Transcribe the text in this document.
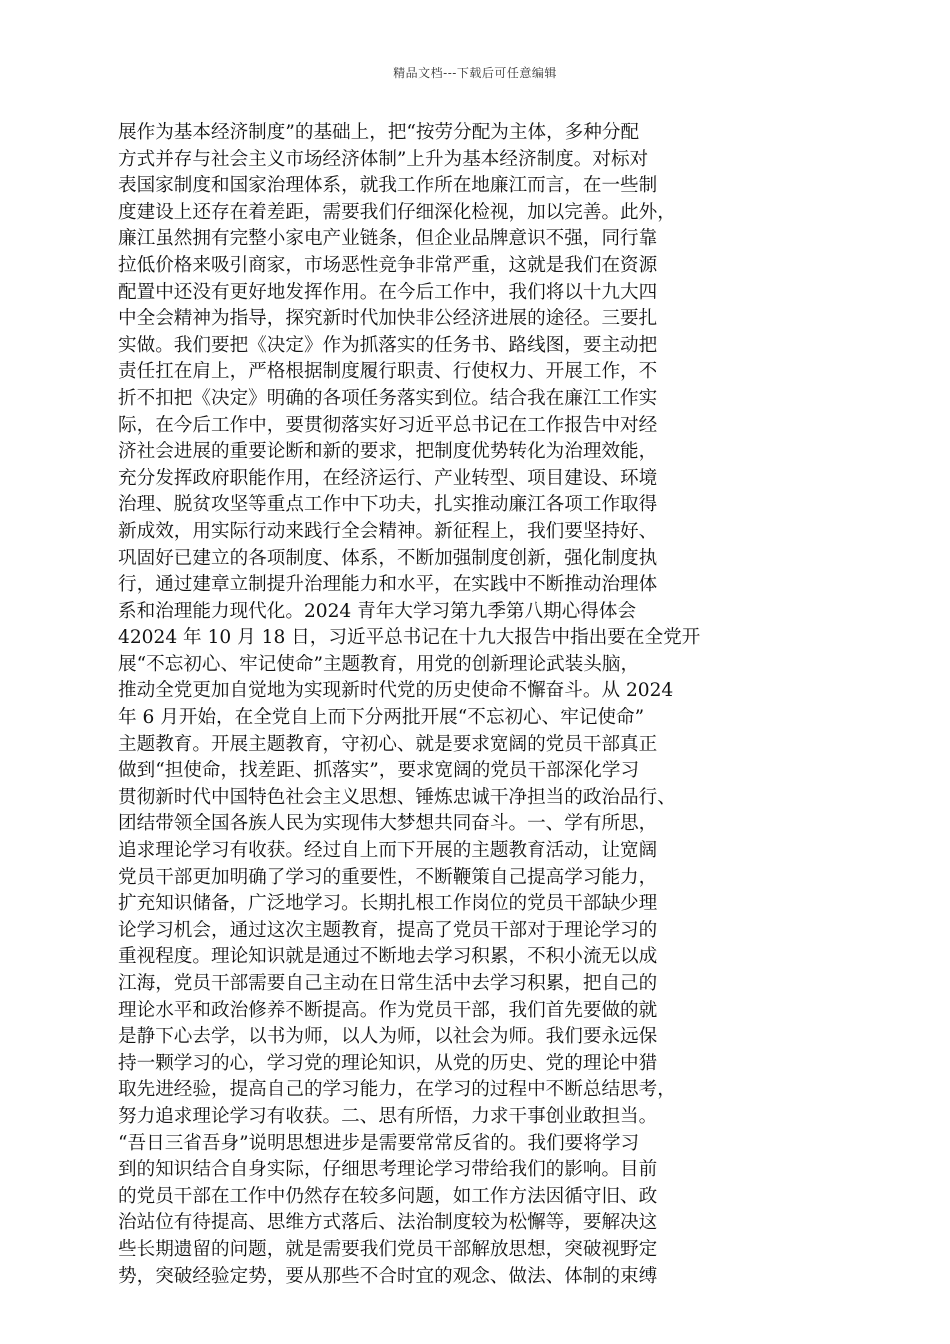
精品文档---下载后可任意编辑
展作为基本经济制度”的基础上，把“按劳分配为主体，多种分配
方式并存与社会主义市场经济体制”上升为基本经济制度。对标对
表国家制度和国家治理体系，就我工作所在地廉江而言，在一些制
度建设上还存在着差距，需要我们仔细深化检视，加以完善。此外，
廉江虽然拥有完整小家电产业链条，但企业品牌意识不强，同行靠
拉低价格来吸引商家，市场恶性竞争非常严重，这就是我们在资源
配置中还没有更好地发挥作用。在今后工作中，我们将以十九大四
中全会精神为指导，探究新时代加快非公经济进展的途径。三要扎
实做。我们要把《决定》作为抓落实的任务书、路线图，要主动把
责任扛在肩上，严格根据制度履行职责、行使权力、开展工作，不
折不扣把《决定》明确的各项任务落实到位。结合我在廉江工作实
际，在今后工作中，要贯彻落实好习近平总书记在工作报告中对经
济社会进展的重要论断和新的要求，把制度优势转化为治理效能，
充分发挥政府职能作用，在经济运行、产业转型、项目建设、环境
治理、脱贫攻坚等重点工作中下功夫，扎实推动廉江各项工作取得
新成效，用实际行动来践行全会精神。新征程上，我们要坚持好、
巩固好已建立的各项制度、体系，不断加强制度创新，强化制度执
行，通过建章立制提升治理能力和水平，在实践中不断推动治理体
系和治理能力现代化。2024 青年大学习第九季第八期心得体会
42024 年 10 月 18 日，习近平总书记在十九大报告中指出要在全党开
展“不忘初心、牢记使命”主题教育，用党的创新理论武装头脑，
推动全党更加自觉地为实现新时代党的历史使命不懈奋斗。从 2024
年 6 月开始，在全党自上而下分两批开展“不忘初心、牢记使命”
主题教育。开展主题教育，守初心、就是要求宽阔的党员干部真正
做到“担使命，找差距、抓落实”，要求宽阔的党员干部深化学习
贯彻新时代中国特色社会主义思想、锤炼忠诚干净担当的政治品行、
团结带领全国各族人民为实现伟大梦想共同奋斗。一、学有所思，
追求理论学习有收获。经过自上而下开展的主题教育活动，让宽阔
党员干部更加明确了学习的重要性，不断鞭策自己提高学习能力，
扩充知识储备，广泛地学习。长期扎根工作岗位的党员干部缺少理
论学习机会，通过这次主题教育，提高了党员干部对于理论学习的
重视程度。理论知识就是通过不断地去学习积累，不积小流无以成
江海，党员干部需要自己主动在日常生活中去学习积累，把自己的
理论水平和政治修养不断提高。作为党员干部，我们首先要做的就
是静下心去学，以书为师，以人为师，以社会为师。我们要永远保
持一颗学习的心，学习党的理论知识，从党的历史、党的理论中猎
取先进经验，提高自己的学习能力，在学习的过程中不断总结思考，
努力追求理论学习有收获。二、思有所悟，力求干事创业敢担当。
“吾日三省吾身”说明思想进步是需要常常反省的。我们要将学习
到的知识结合自身实际，仔细思考理论学习带给我们的影响。目前
的党员干部在工作中仍然存在较多问题，如工作方法因循守旧、政
治站位有待提高、思维方式落后、法治制度较为松懈等，要解决这
些长期遗留的问题，就是需要我们党员干部解放思想，突破视野定
势，突破经验定势，要从那些不合时宜的观念、做法、体制的束缚
